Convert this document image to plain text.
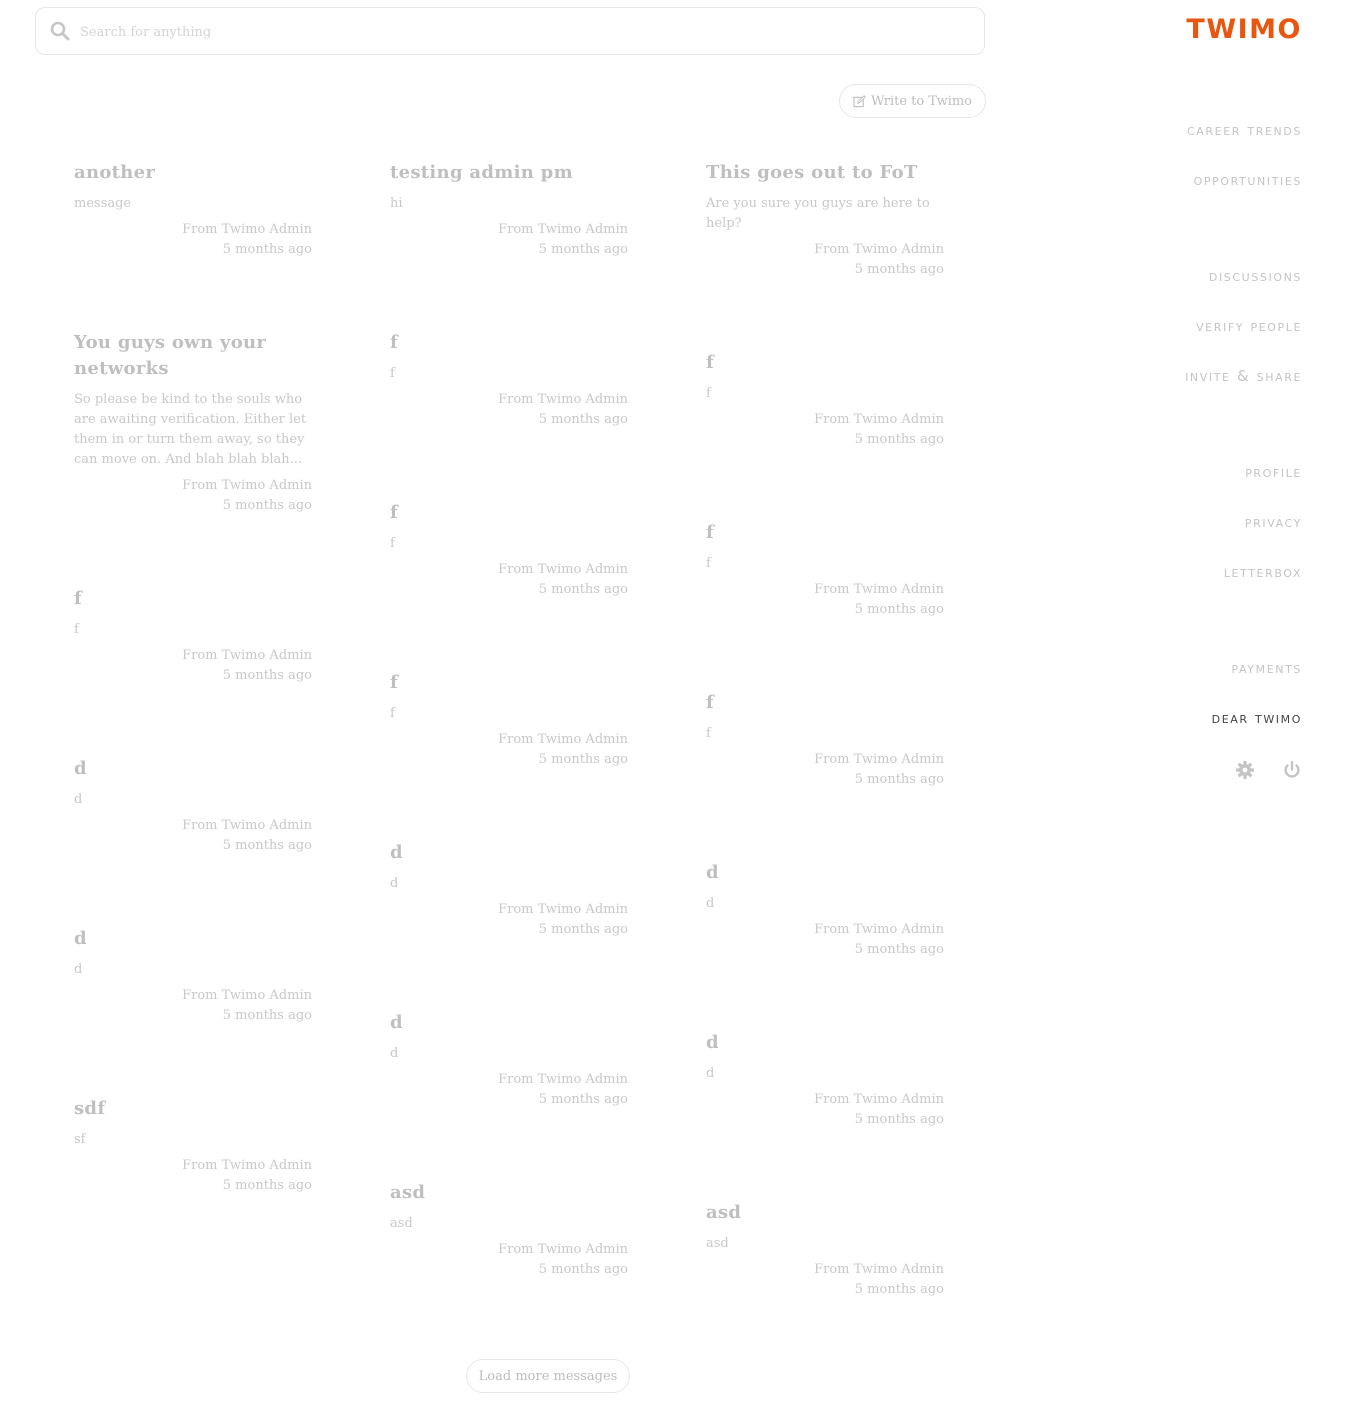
Search for anything
Write to Twimo
another
message
From Twimo Admin
5 months ago
You guys own your networks
So please be kind to the souls who are awaiting verification. Either let them in or turn them away, so they can move on. And blah blah blah...
From Twimo Admin
5 months ago
f
f
From Twimo Admin
5 months ago
d
d
From Twimo Admin
5 months ago
d
d
From Twimo Admin
5 months ago
sdf
sf
From Twimo Admin
5 months ago
testing admin pm
hi
From Twimo Admin
5 months ago
f
f
From Twimo Admin
5 months ago
f
f
From Twimo Admin
5 months ago
f
f
From Twimo Admin
5 months ago
d
d
From Twimo Admin
5 months ago
d
d
From Twimo Admin
5 months ago
asd
asd
From Twimo Admin
5 months ago
This goes out to FoT
Are you sure you guys are here to help?
From Twimo Admin
5 months ago
f
f
From Twimo Admin
5 months ago
f
f
From Twimo Admin
5 months ago
f
f
From Twimo Admin
5 months ago
d
d
From Twimo Admin
5 months ago
d
d
From Twimo Admin
5 months ago
asd
asd
From Twimo Admin
5 months ago
Load more messages
TWIMO
career trends
opportunities
discussions
verify people
invite & share
profile
privacy
letterbox
payments
dear twimo
